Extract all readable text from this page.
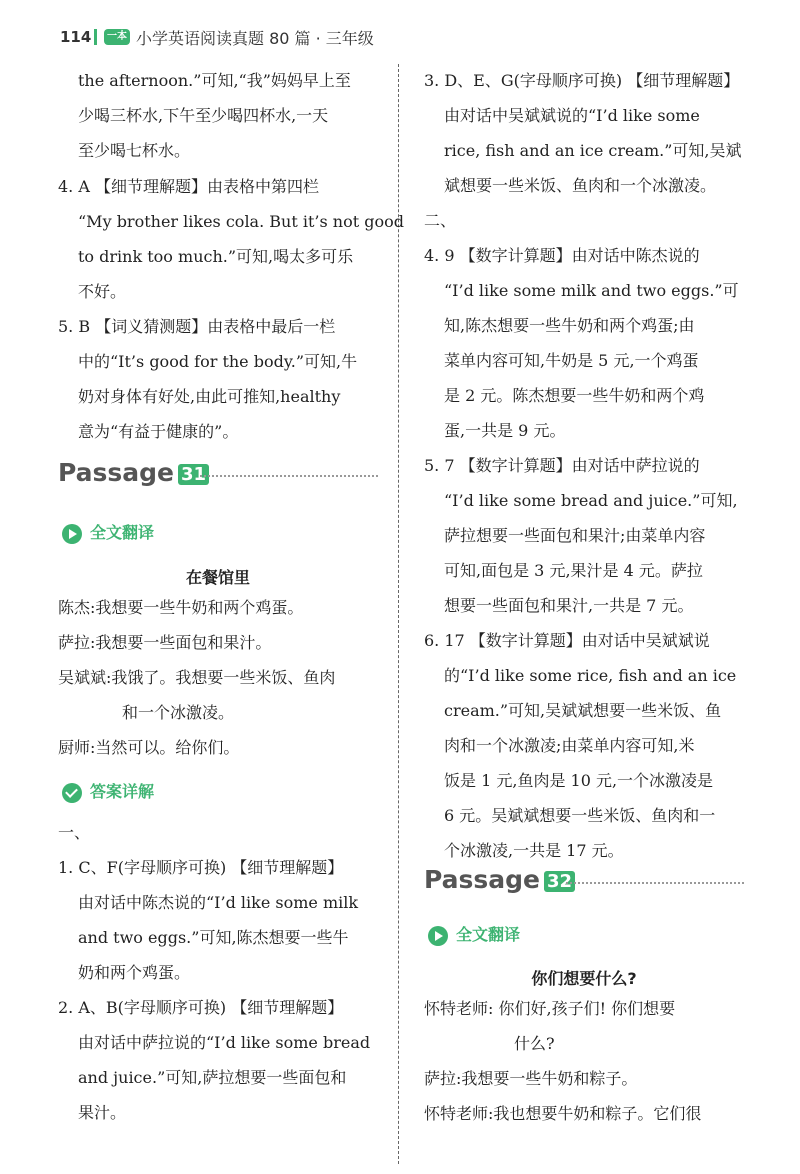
114	一本 小学英语阅读真题 80 篇 · 三年级
the afternoon.”可知,“我”妈妈早上至
少喝三杯水,下午至少喝四杯水,一天
至少喝七杯水。
4. A 【细节理解题】由表格中第四栏
“My brother likes cola. But it’s not good
to drink too much.”可知,喝太多可乐
不好。
5. B 【词义猜测题】由表格中最后一栏
中的“It’s good for the body.”可知,牛
奶对身体有好处,由此可推知,healthy
意为“有益于健康的”。
Passage 31
全文翻译
在餐馆里
陈杰:我想要一些牛奶和两个鸡蛋。
萨拉:我想要一些面包和果汁。
吴斌斌:我饿了。我想要一些米饭、鱼肉
和一个冰激凌。
厨师:当然可以。给你们。
答案详解
一、
1. C、F(字母顺序可换) 【细节理解题】
由对话中陈杰说的“I’d like some milk
and two eggs.”可知,陈杰想要一些牛
奶和两个鸡蛋。
2. A、B(字母顺序可换) 【细节理解题】
由对话中萨拉说的“I’d like some bread
and juice.”可知,萨拉想要一些面包和
果汁。
3. D、E、G(字母顺序可换) 【细节理解题】
由对话中吴斌斌说的“I’d like some
rice, fish and an ice cream.”可知,吴斌
斌想要一些米饭、鱼肉和一个冰激凌。
二、
4. 9 【数字计算题】由对话中陈杰说的
“I’d like some milk and two eggs.”可
知,陈杰想要一些牛奶和两个鸡蛋;由
菜单内容可知,牛奶是 5 元,一个鸡蛋
是 2 元。陈杰想要一些牛奶和两个鸡
蛋,一共是 9 元。
5. 7 【数字计算题】由对话中萨拉说的
“I’d like some bread and juice.”可知,
萨拉想要一些面包和果汁;由菜单内容
可知,面包是 3 元,果汁是 4 元。萨拉
想要一些面包和果汁,一共是 7 元。
6. 17 【数字计算题】由对话中吴斌斌说
的“I’d like some rice, fish and an ice
cream.”可知,吴斌斌想要一些米饭、鱼
肉和一个冰激凌;由菜单内容可知,米
饭是 1 元,鱼肉是 10 元,一个冰激凌是
6 元。吴斌斌想要一些米饭、鱼肉和一
个冰激凌,一共是 17 元。
Passage 32
全文翻译
你们想要什么?
怀特老师: 你们好,孩子们! 你们想要
什么?
萨拉:我想要一些牛奶和粽子。
怀特老师:我也想要牛奶和粽子。它们很
